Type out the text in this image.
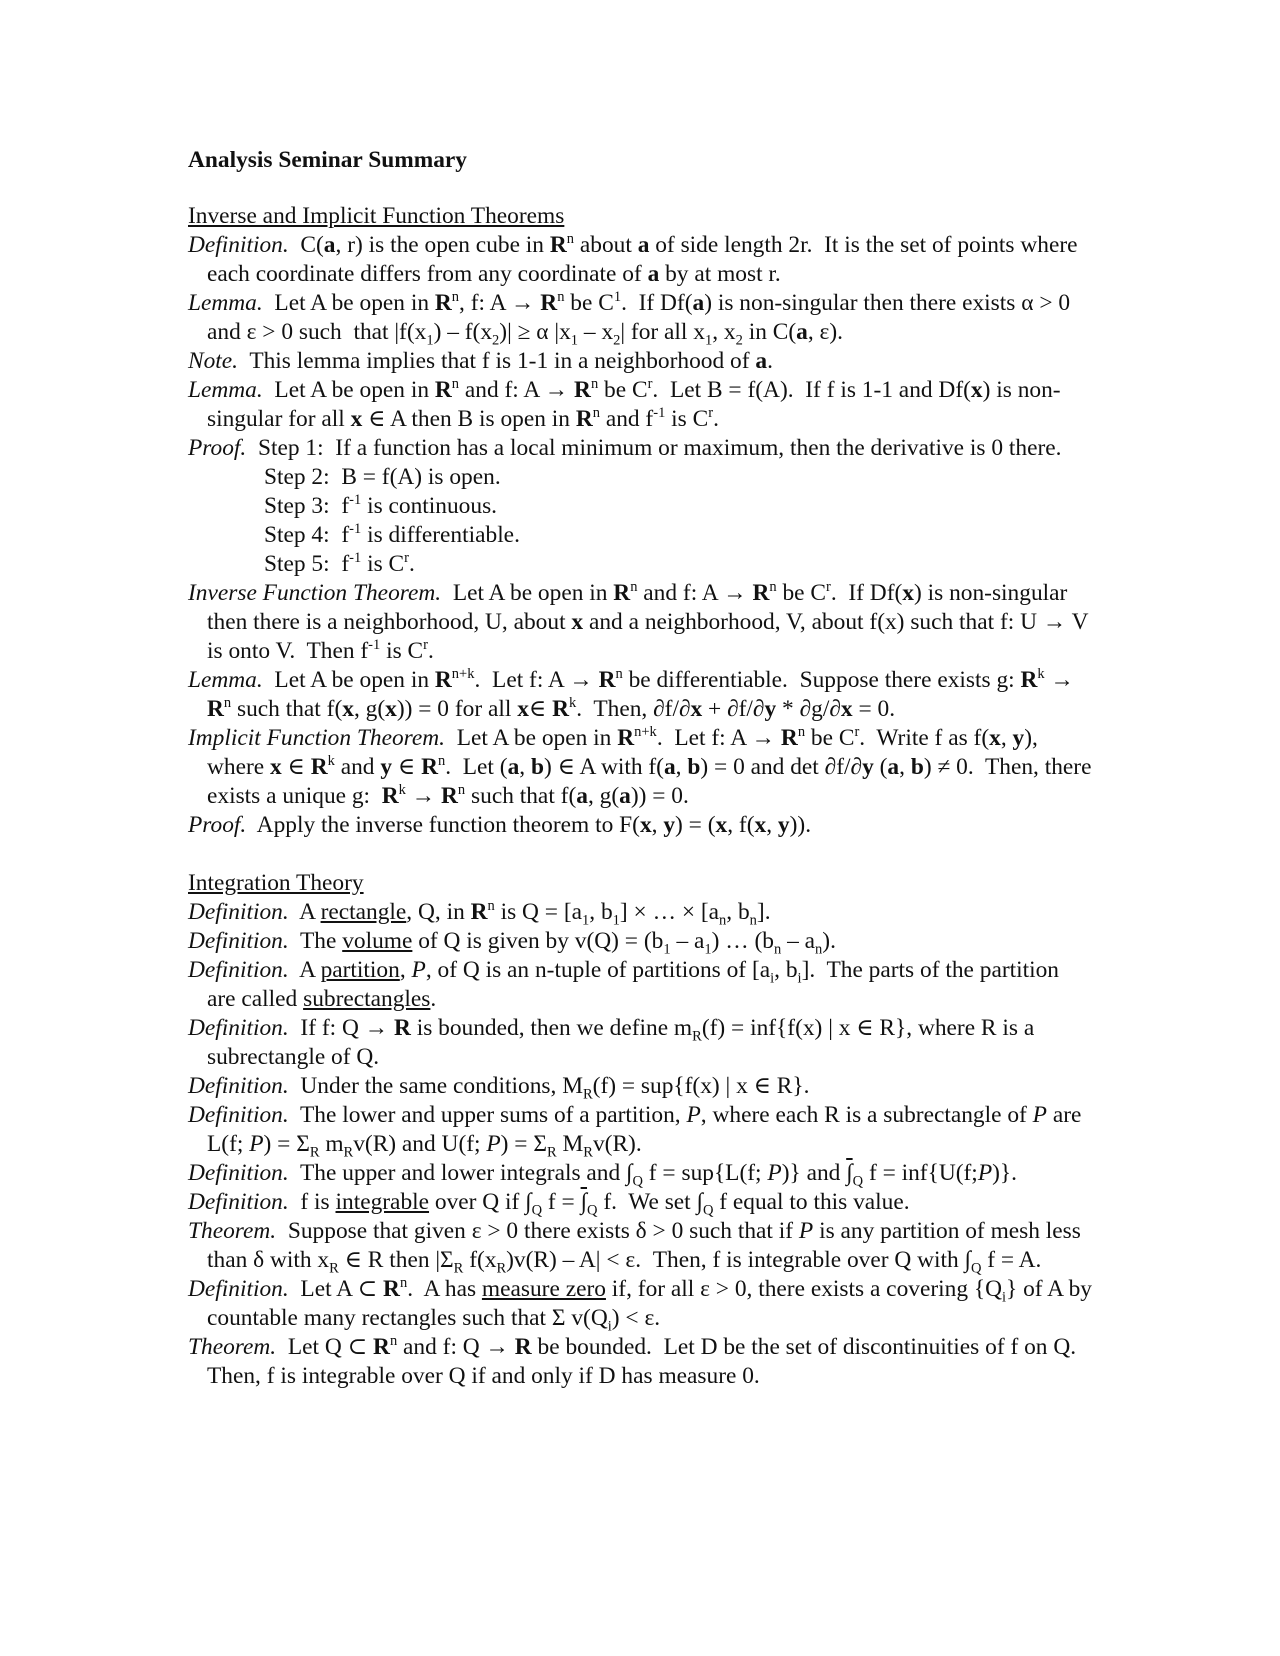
Analysis Seminar Summary
Inverse and Implicit Function Theorems
Definition. C(a, r) is the open cube in $R^n$ about a of side length 2r.  It is the set of points where each coordinate differs from any coordinate of a by at most r.
Lemma. Let A be open in $R^n$, f: $A \to R^n$ be $C^1$.  If Df(a) is non-singular then there exists α > 0 and ε > 0 such  that $|f(x_1) - f(x_2)| \ge \alpha$ $|x_1 - x_2|$ for all $x_1$, $x_2$ in C(a, ε).
Note. This lemma implies that f is 1-1 in a neighborhood of a.
Lemma. Let A be open in $R^n$ and f: $A \to R^n$ be $C^r$.  Let B = f(A).  If f is 1-1 and Df(x) is non-singular for all x ∈ A then B is open in $R^n$ and $f^{-1}$ is $C^r$.
Proof. Step 1:  If a function has a local minimum or maximum, then the derivative is 0 there.
Step 2:  B = f(A) is open.
Step 3:  $f^{-1}$ is continuous.
Step 4:  $f^{-1}$ is differentiable.
Step 5:  $f^{-1}$ is $C^r$.
Inverse Function Theorem. Let A be open in $R^n$ and f: $A \to R^n$ be $C^r$.  If Df(x) is non-singular then there is a neighborhood, U, about x and a neighborhood, V, about f(x) such that f: U → V is onto V.  Then $f^{-1}$ is $C^r$.
Lemma. Let A be open in $R^{n+k}$.  Let f: $A \to R^n$ be differentiable.  Suppose there exists g: $R^k \to R^n$ such that f(x, g(x)) = 0 for all x∈ $R^k$.  Then, ∂f/∂x + ∂f/∂y * ∂g/∂x = 0.
Implicit Function Theorem. Let A be open in $R^{n+k}$.  Let f: $A \to R^n$ be $C^r$.  Write f as f(x, y), where x ∈ $R^k$ and y ∈ $R^n$.  Let (a, b) ∈ A with f(a, b) = 0 and det ∂f/∂y (a, b) ≠ 0.  Then, there exists a unique g:  $R^k \to R^n$ such that f(a, g(a)) = 0.
Proof. Apply the inverse function theorem to F(x, y) = (x, f(x, y)).
Integration Theory
Definition. A rectangle, Q, in $R^n$ is $Q = [a_1$, $b_1$] × … × [$a_n$, $b_n$].
Definition. The volume of Q is given by $v(Q) = (b_1 - a_1)$ … $(b_n - a_n)$.
Definition. A partition, P, of Q is an n-tuple of partitions of [$a_i$, $b_i$].  The parts of the partition are called subrectangles.
Definition. If f: Q → R is bounded, then we define $m_R(f) = inf\{f(x)$ | x ∈ R}, where R is a subrectangle of Q.
Definition. Under the same conditions, $M_R(f) = sup\{f(x)$ | x ∈ R}.
Definition. The lower and upper sums of a partition, P, where each R is a subrectangle of P are L(f; $P) = \Sigma_R$ $m_Rv(R)$ and U(f; $P) = \Sigma_R$ $M_Rv(R)$.
Definition. The upper and lower integrals and $\int_Q$ f = sup{L(f; P)} and $\int_Q$ f = inf{U(f;P)}.
Definition. f is integrable over Q if $\int_Q$ $f = \int_Q$ f.  We set $\int_Q$ f equal to this value.
Theorem. Suppose that given ε > 0 there exists δ > 0 such that if P is any partition of mesh less than δ with $x_R$ ∈ R then $|\Sigma_R$ $f(x_R)v(R) - A| < \varepsilon$.  Then, f is integrable over Q with $\int_Q$ f = A.
Definition. Let A ⊂ $R^n$.  A has measure zero if, for all ε > 0, there exists a covering $\{Q_i\}$ of A by countable many rectangles such that Σ $v(Q_i) < \varepsilon$.
Theorem. Let Q ⊂ $R^n$ and f: Q → R be bounded.  Let D be the set of discontinuities of f on Q.  Then, f is integrable over Q if and only if D has measure 0.
